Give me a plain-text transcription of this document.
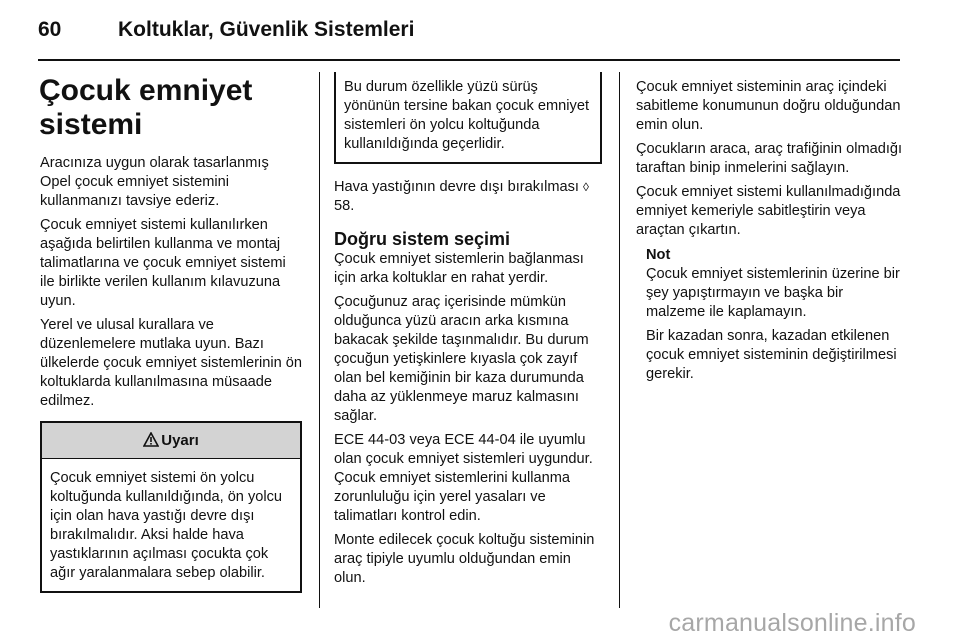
60	Koltuklar, Güvenlik Sistemleri
Çocuk emniyet sistemi

Aracınıza uygun olarak tasarlanmış Opel çocuk emniyet sistemini kullanmanızı tavsiye ederiz.

Çocuk emniyet sistemi kullanılırken aşağıda belirtilen kullanma ve montaj talimatlarına ve çocuk emniyet sistemi ile birlikte verilen kullanım kılavuzuna uyun.

Yerel ve ulusal kurallara ve düzenlemelere mutlaka uyun. Bazı ülkelerde çocuk emniyet sistemlerinin ön koltuklarda kullanılmasına müsaade edilmez.

Uyarı
Çocuk emniyet sistemi ön yolcu koltuğunda kullanıldığında, ön yolcu için olan hava yastığı devre dışı bırakılmalıdır. Aksi halde hava yastıklarının açılması çocukta çok ağır yaralanmalara sebep olabilir.
Bu durum özellikle yüzü sürüş yönünün tersine bakan çocuk emniyet sistemleri ön yolcu koltuğunda kullanıldığında geçerlidir.

Hava yastığının devre dışı bırakılması ◊ 58.

Doğru sistem seçimi

Çocuk emniyet sistemlerin bağlanması için arka koltuklar en rahat yerdir.

Çocuğunuz araç içerisinde mümkün olduğunca yüzü aracın arka kısmına bakacak şekilde taşınmalıdır. Bu durum çocuğun yetişkinlere kıyasla çok zayıf olan bel kemiğinin bir kaza durumunda daha az yüklenmeye maruz kalmasını sağlar.

ECE 44-03 veya ECE 44-04 ile uyumlu olan çocuk emniyet sistemleri uygundur. Çocuk emniyet sistemlerini kullanma zorunluluğu için yerel yasaları ve talimatları kontrol edin.

Monte edilecek çocuk koltuğu sisteminin araç tipiyle uyumlu olduğundan emin olun.

Çocuk emniyet sisteminin araç içindeki sabitleme konumunun doğru olduğundan emin olun.

Çocukların araca, araç trafiğinin olmadığı taraftan binip inmelerini sağlayın.

Çocuk emniyet sistemi kullanılmadığında emniyet kemeriyle sabitleştirin veya araçtan çıkartın.

Not

Çocuk emniyet sistemlerinin üzerine bir şey yapıştırmayın ve başka bir malzeme ile kaplamayın.

Bir kazadan sonra, kazadan etkilenen çocuk emniyet sisteminin değiştirilmesi gerekir.

carmanualsonline.info
